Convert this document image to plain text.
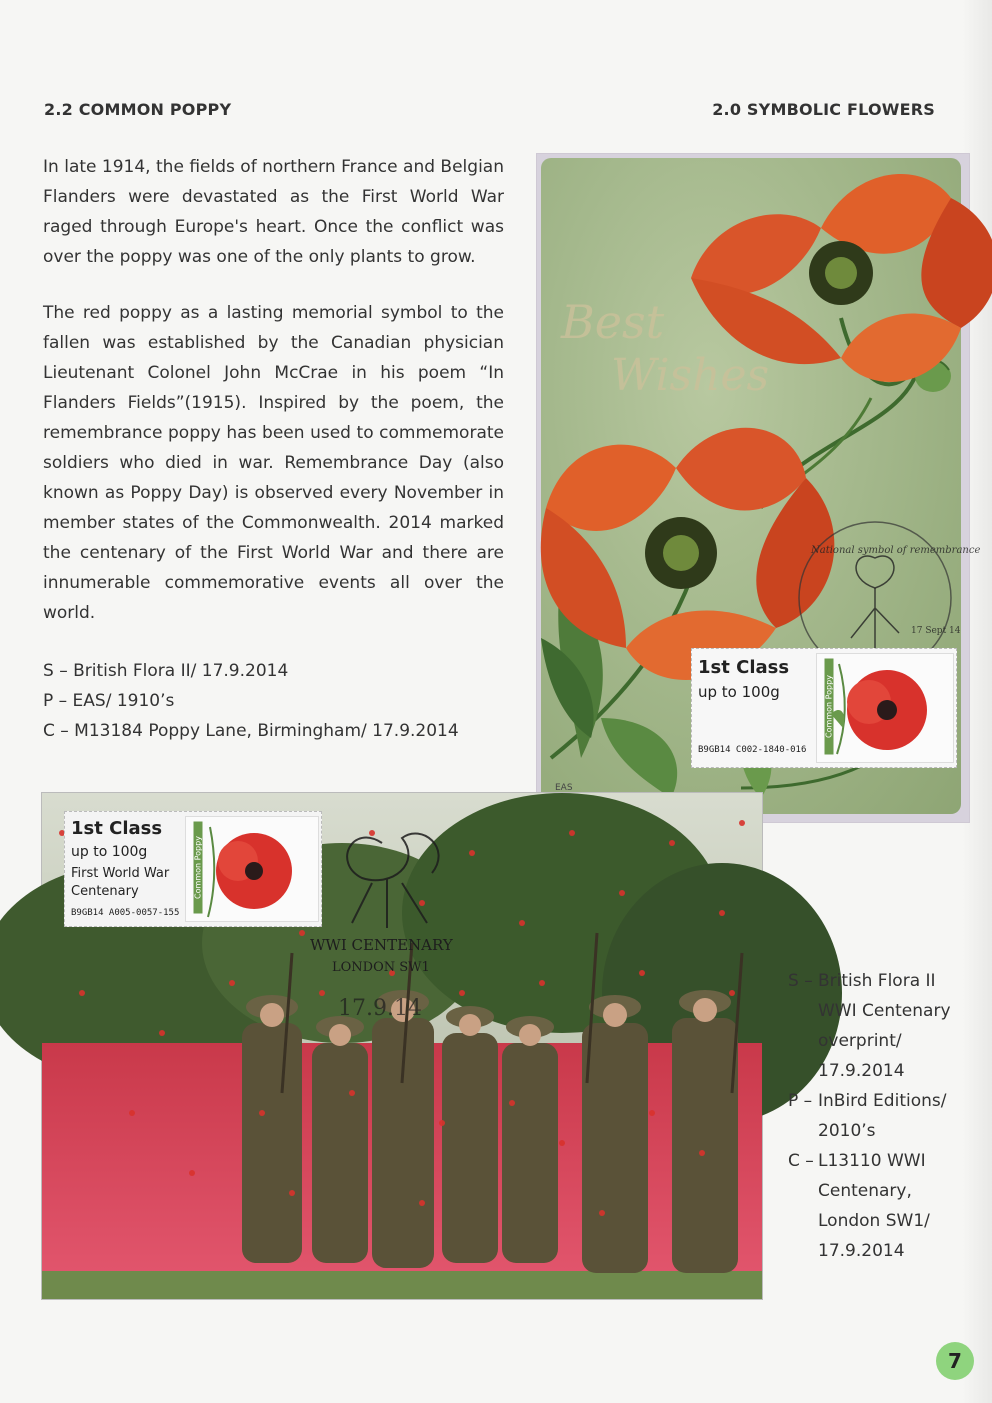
2.2 COMMON POPPY	2.0 SYMBOLIC FLOWERS

In late 1914, the fields of northern France and Belgian Flanders were devastated as the First World War raged through Europe's heart. Once the conflict was over the poppy was one of the only plants to grow.

The red poppy as a lasting memorial symbol to the fallen was established by the Canadian physician Lieutenant Colonel John McCrae in his poem “In Flanders Fields”(1915). Inspired by the poem, the remembrance poppy has been used to commemorate soldiers who died in war. Remembrance Day (also known as Poppy Day) is observed every November in member states of the Commonwealth. 2014 marked the centenary of the First World War and there are innumerable commemorative events all over the world.

S – British Flora II/ 17.9.2014
P – EAS/ 1910’s
C – M13184 Poppy Lane, Birmingham/ 17.9.2014
Best
Wishes
EAS
National symbol of remembrance
17 Sept 14
1st Class
up to 100g
B9GB14 C002-1840-016
Common Poppy
WWI CENTENARY
LONDON SW1
17.9.14
1st Class
up to 100g
First World War
Centenary
B9GB14 A005-0057-155
Common Poppy
S – British Flora II WWI Centenary overprint/ 17.9.2014
P – InBird Editions/ 2010’s
C – L13110 WWI Centenary, London SW1/ 17.9.2014
7
